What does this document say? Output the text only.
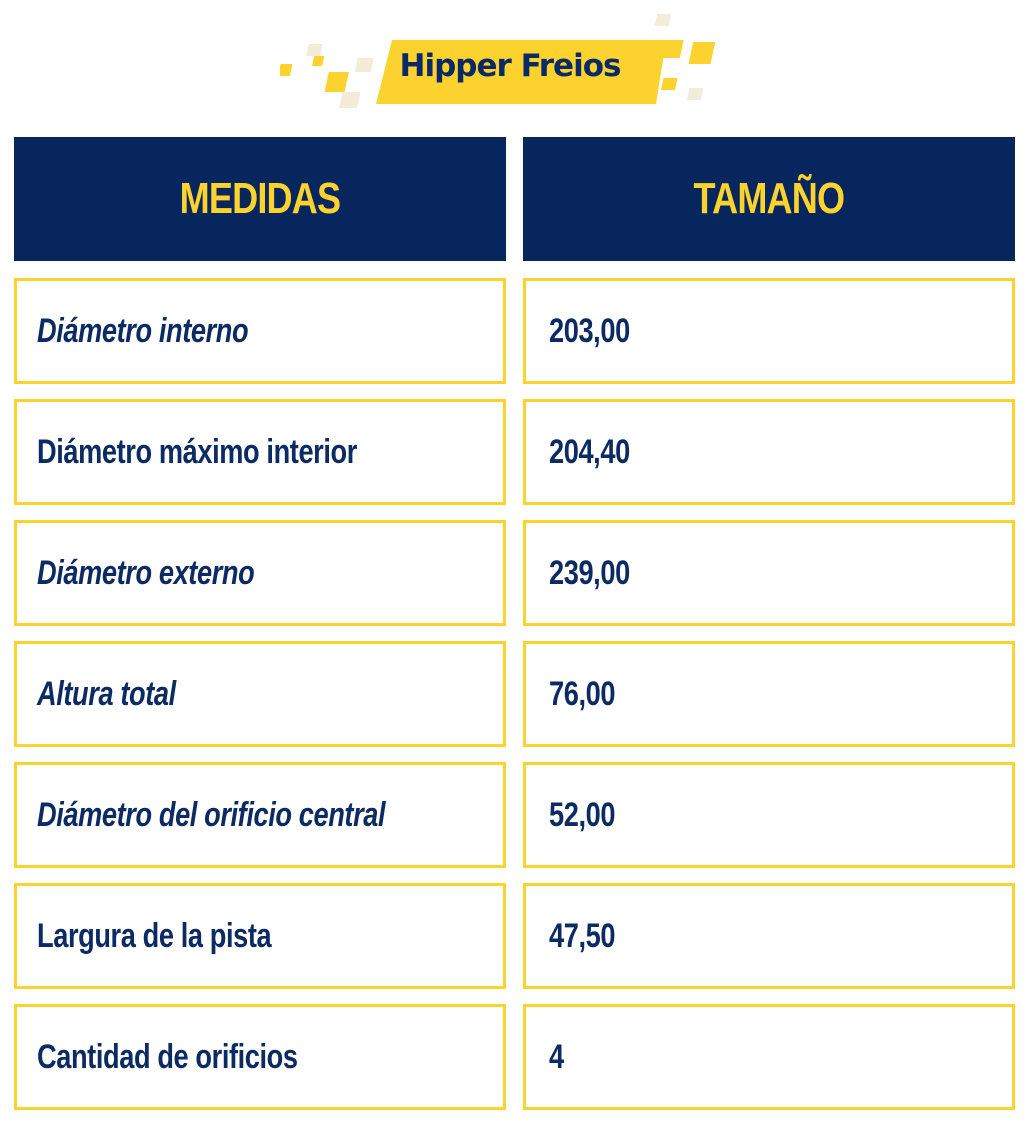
Hipper Freios
MEDIDAS	TAMAÑO
Diámetro interno	203,00
Diámetro máximo interior	204,40
Diámetro externo	239,00
Altura total	76,00
Diámetro del orificio central	52,00
Largura de la pista	47,50
Cantidad de orificios	4
